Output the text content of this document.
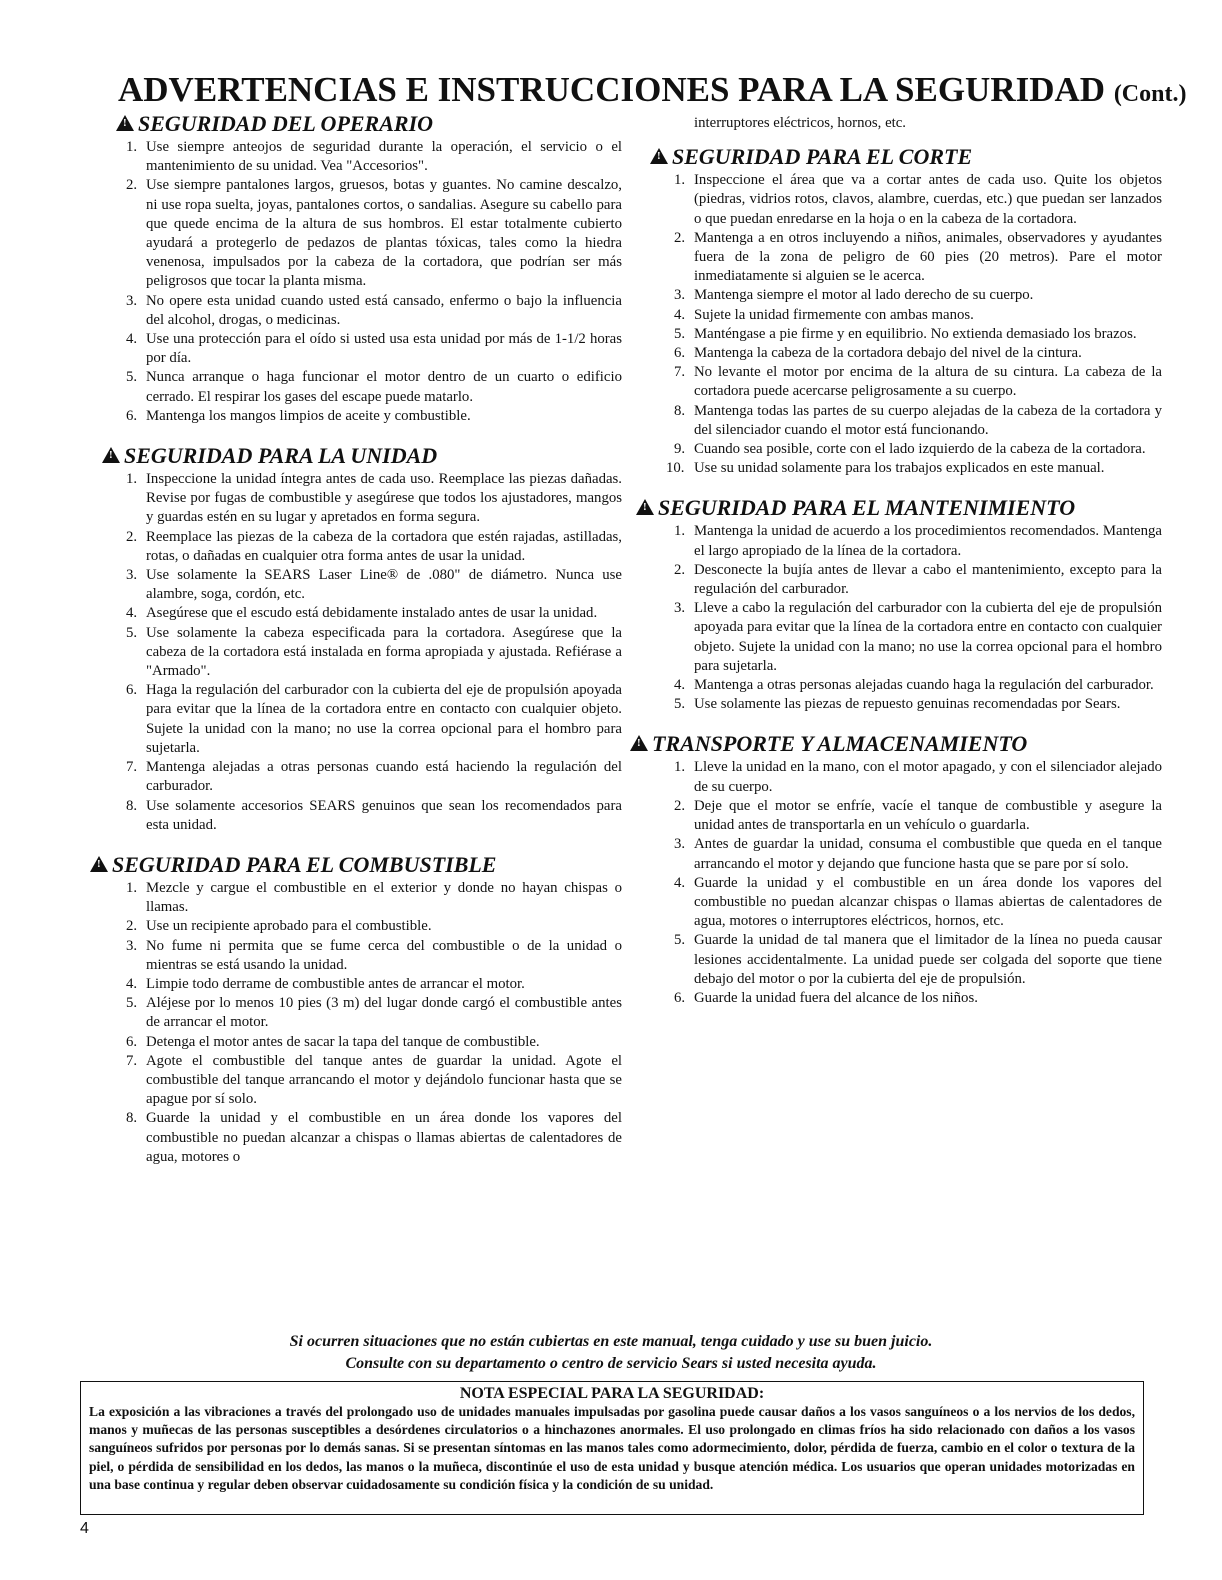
ADVERTENCIAS E INSTRUCCIONES PARA LA SEGURIDAD (Cont.)
!SEGURIDAD DEL OPERARIO
1. Use siempre anteojos de seguridad durante la operación, el servicio o el mantenimiento de su unidad. Vea "Accesorios".
2. Use siempre pantalones largos, gruesos, botas y guantes. No camine descalzo, ni use ropa suelta, joyas, pantalones cortos, o sandalias. Asegure su cabello para que quede encima de la altura de sus hombros. El estar totalmente cubierto ayudará a protegerlo de pedazos de plantas tóxicas, tales como la hiedra venenosa, impulsados por la cabeza de la cortadora, que podrían ser más peligrosos que tocar la planta misma.
3. No opere esta unidad cuando usted está cansado, enfermo o bajo la influencia del alcohol, drogas, o medicinas.
4. Use una protección para el oído si usted usa esta unidad por más de 1-1/2 horas por día.
5. Nunca arranque o haga funcionar el motor dentro de un cuarto o edificio cerrado. El respirar los gases del escape puede matarlo.
6. Mantenga los mangos limpios de aceite y combustible.
!SEGURIDAD PARA LA UNIDAD
1. Inspeccione la unidad íntegra antes de cada uso. Reemplace las piezas dañadas. Revise por fugas de combustible y asegúrese que todos los ajustadores, mangos y guardas estén en su lugar y apretados en forma segura.
2. Reemplace las piezas de la cabeza de la cortadora que estén rajadas, astilladas, rotas, o dañadas en cualquier otra forma antes de usar la unidad.
3. Use solamente la SEARS Laser Line® de .080" de diámetro. Nunca use alambre, soga, cordón, etc.
4. Asegúrese que el escudo está debidamente instalado antes de usar la unidad.
5. Use solamente la cabeza especificada para la cortadora. Asegúrese que la cabeza de la cortadora está instalada en forma apropiada y ajustada. Refiérase a "Armado".
6. Haga la regulación del carburador con la cubierta del eje de propulsión apoyada para evitar que la línea de la cortadora entre en contacto con cualquier objeto. Sujete la unidad con la mano; no use la correa opcional para el hombro para sujetarla.
7. Mantenga alejadas a otras personas cuando está haciendo la regulación del carburador.
8. Use solamente accesorios SEARS genuinos que sean los recomendados para esta unidad.
!SEGURIDAD PARA EL COMBUSTIBLE
1. Mezcle y cargue el combustible en el exterior y donde no hayan chispas o llamas.
2. Use un recipiente aprobado para el combustible.
3. No fume ni permita que se fume cerca del combustible o de la unidad o mientras se está usando la unidad.
4. Limpie todo derrame de combustible antes de arrancar el motor.
5. Aléjese por lo menos 10 pies (3 m) del lugar donde cargó el combustible antes de arrancar el motor.
6. Detenga el motor antes de sacar la tapa del tanque de combustible.
7. Agote el combustible del tanque antes de guardar la unidad. Agote el combustible del tanque arrancando el motor y dejándolo funcionar hasta que se apague por sí solo.
8. Guarde la unidad y el combustible en un área donde los vapores del combustible no puedan alcanzar a chispas o llamas abiertas de calentadores de agua, motores o
interruptores eléctricos, hornos, etc.
!SEGURIDAD PARA EL CORTE
1. Inspeccione el área que va a cortar antes de cada uso. Quite los objetos (piedras, vidrios rotos, clavos, alambre, cuerdas, etc.) que puedan ser lanzados o que puedan enredarse en la hoja o en la cabeza de la cortadora.
2. Mantenga a en otros incluyendo a niños, animales, observadores y ayudantes fuera de la zona de peligro de 60 pies (20 metros). Pare el motor inmediatamente si alguien se le acerca.
3. Mantenga siempre el motor al lado derecho de su cuerpo.
4. Sujete la unidad firmemente con ambas manos.
5. Manténgase a pie firme y en equilibrio. No extienda demasiado los brazos.
6. Mantenga la cabeza de la cortadora debajo del nivel de la cintura.
7. No levante el motor por encima de la altura de su cintura. La cabeza de la cortadora puede acercarse peligrosamente a su cuerpo.
8. Mantenga todas las partes de su cuerpo alejadas de la cabeza de la cortadora y del silenciador cuando el motor está funcionando.
9. Cuando sea posible, corte con el lado izquierdo de la cabeza de la cortadora.
10. Use su unidad solamente para los trabajos explicados en este manual.
!SEGURIDAD PARA EL MANTENIMIENTO
1. Mantenga la unidad de acuerdo a los procedimientos recomendados. Mantenga el largo apropiado de la línea de la cortadora.
2. Desconecte la bujía antes de llevar a cabo el mantenimiento, excepto para la regulación del carburador.
3. Lleve a cabo la regulación del carburador con la cubierta del eje de propulsión apoyada para evitar que la línea de la cortadora entre en contacto con cualquier objeto. Sujete la unidad con la mano; no use la correa opcional para el hombro para sujetarla.
4. Mantenga a otras personas alejadas cuando haga la regulación del carburador.
5. Use solamente las piezas de repuesto genuinas recomendadas por Sears.
!TRANSPORTE Y ALMACENAMIENTO
1. Lleve la unidad en la mano, con el motor apagado, y con el silenciador alejado de su cuerpo.
2. Deje que el motor se enfríe, vacíe el tanque de combustible y asegure la unidad antes de transportarla en un vehículo o guardarla.
3. Antes de guardar la unidad, consuma el combustible que queda en el tanque arrancando el motor y dejando que funcione hasta que se pare por sí solo.
4. Guarde la unidad y el combustible en un área donde los vapores del combustible no puedan alcanzar chispas o llamas abiertas de calentadores de agua, motores o interruptores eléctricos, hornos, etc.
5. Guarde la unidad de tal manera que el limitador de la línea no pueda causar lesiones accidentalmente. La unidad puede ser colgada del soporte que tiene debajo del motor o por la cubierta del eje de propulsión.
6. Guarde la unidad fuera del alcance de los niños.
Si ocurren situaciones que no están cubiertas en este manual, tenga cuidado y use su buen juicio.
Consulte con su departamento o centro de servicio Sears si usted necesita ayuda.
NOTA ESPECIAL PARA LA SEGURIDAD:
La exposición a las vibraciones a través del prolongado uso de unidades manuales impulsadas por gasolina puede causar daños a los vasos sanguíneos o a los nervios de los dedos, manos y muñecas de las personas susceptibles a desórdenes circulatorios o a hinchazones anormales. El uso prolongado en climas fríos ha sido relacionado con daños a los vasos sanguíneos sufridos por personas por lo demás sanas. Si se presentan síntomas en las manos tales como adormecimiento, dolor, pérdida de fuerza, cambio en el color o textura de la piel, o pérdida de sensibilidad en los dedos, las manos o la muñeca, discontinúe el uso de esta unidad y busque atención médica. Los usuarios que operan unidades motorizadas en una base continua y regular deben observar cuidadosamente su condición física y la condición de su unidad.
4
